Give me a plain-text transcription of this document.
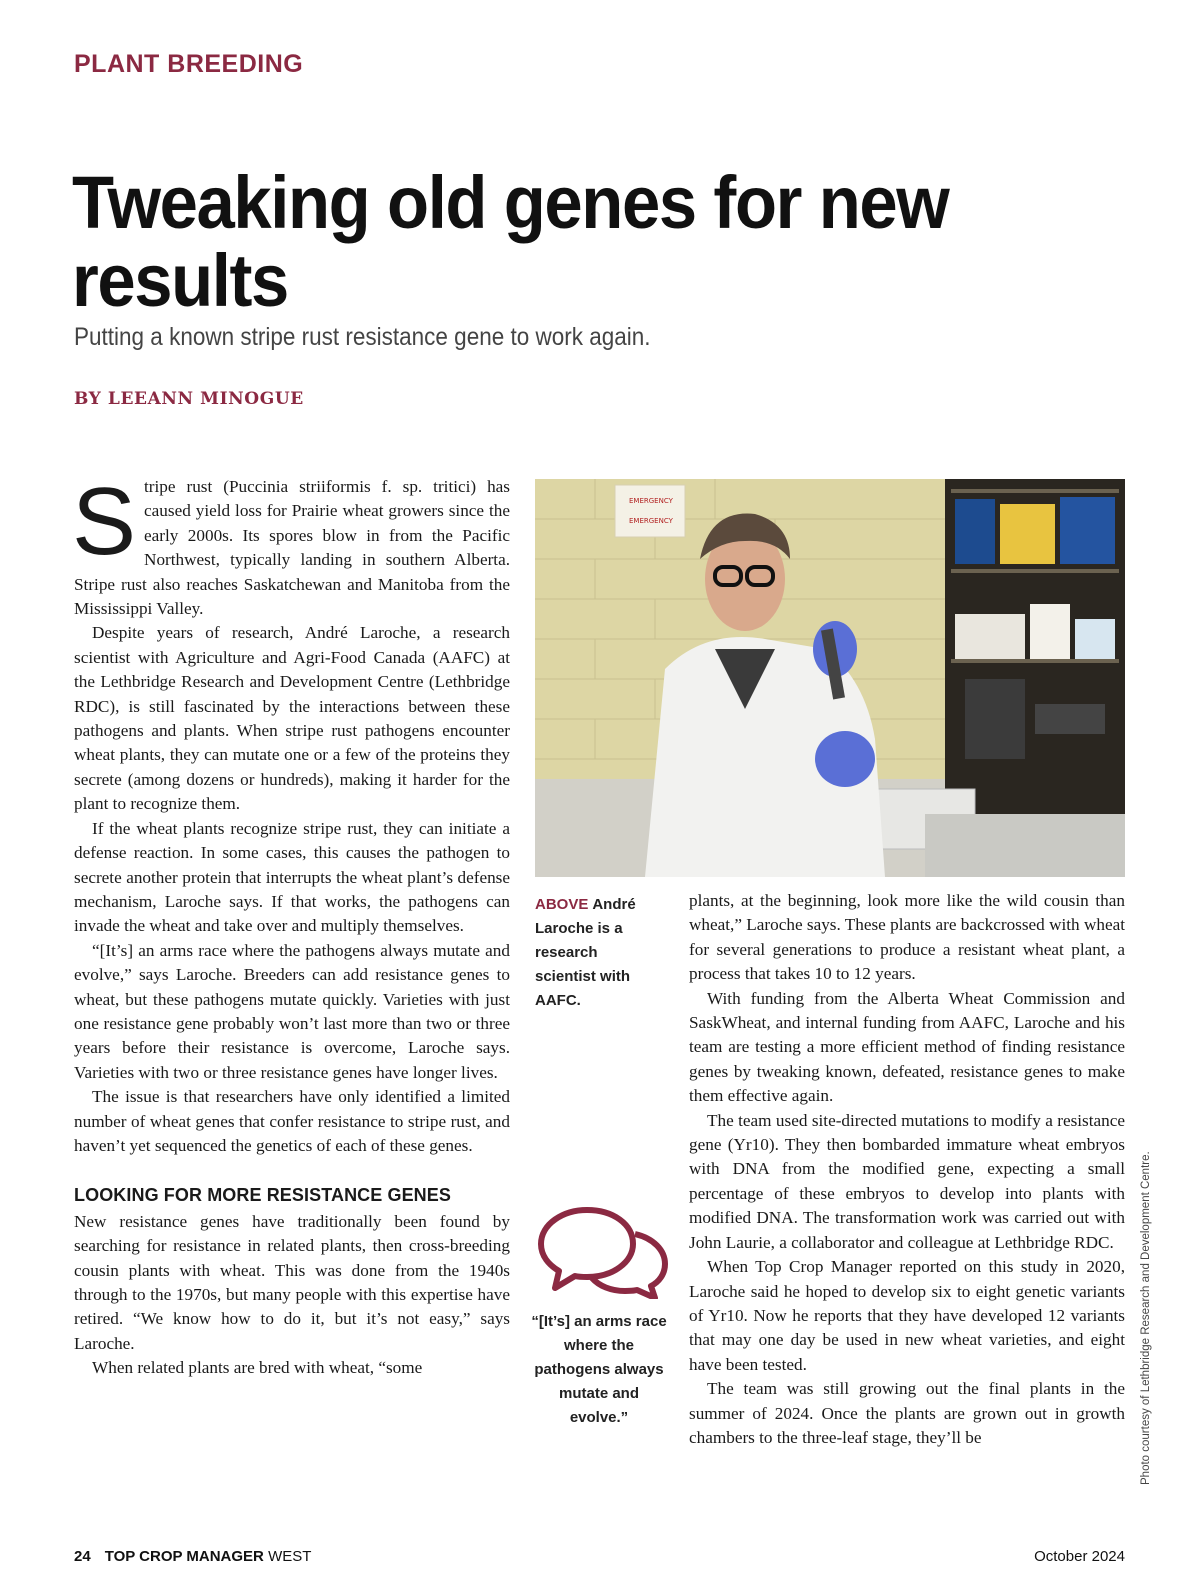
PLANT BREEDING
Tweaking old genes for new results
Putting a known stripe rust resistance gene to work again.
BY LEEANN MINOGUE

Stripe rust (Puccinia striiformis f. sp. tritici) has caused yield loss for Prairie wheat growers since the early 2000s. Its spores blow in from the Pacific Northwest, typically landing in southern Alberta. Stripe rust also reaches Saskatchewan and Manitoba from the Mississippi Valley.

Despite years of research, André Laroche, a research scientist with Agriculture and Agri-Food Canada (AAFC) at the Lethbridge Research and Development Centre (Lethbridge RDC), is still fascinated by the interactions between these pathogens and plants. When stripe rust pathogens encounter wheat plants, they can mutate one or a few of the proteins they secrete (among dozens or hundreds), making it harder for the plant to recognize them.

If the wheat plants recognize stripe rust, they can initiate a defense reaction. In some cases, this causes the pathogen to secrete another protein that interrupts the wheat plant’s defense mechanism, Laroche says. If that works, the pathogens can invade the wheat and take over and multiply themselves.

“[It’s] an arms race where the pathogens always mutate and evolve,” says Laroche. Breeders can add resistance genes to wheat, but these pathogens mutate quickly. Varieties with just one resistance gene probably won’t last more than two or three years before their resistance is overcome, Laroche says. Varieties with two or three resistance genes have longer lives.

The issue is that researchers have only identified a limited number of wheat genes that confer resistance to stripe rust, and haven’t yet sequenced the genetics of each of these genes.

LOOKING FOR MORE RESISTANCE GENES

New resistance genes have traditionally been found by searching for resistance in related plants, then cross-breeding cousin plants with wheat. This was done from the 1940s through to the 1970s, but many people with this expertise have retired. “We know how to do it, but it’s not easy,” says Laroche.

When related plants are bred with wheat, “some

EMERGENCY
EMERGENCY
ABOVE André Laroche is a research scientist with AAFC.

plants, at the beginning, look more like the wild cousin than wheat,” Laroche says. These plants are backcrossed with wheat for several generations to produce a resistant wheat plant, a process that takes 10 to 12 years.

With funding from the Alberta Wheat Commission and SaskWheat, and internal funding from AAFC, Laroche and his team are testing a more efficient method of finding resistance genes by tweaking known, defeated, resistance genes to make them effective again.

The team used site-directed mutations to modify a resistance gene (Yr10). They then bombarded immature wheat embryos with DNA from the modified gene, expecting a small percentage of these embryos to develop into plants with modified DNA. The transformation work was carried out with John Laurie, a collaborator and colleague at Lethbridge RDC.

When Top Crop Manager reported on this study in 2020, Laroche said he hoped to develop six to eight genetic variants of Yr10. Now he reports that they have developed 12 variants that may one day be used in new wheat varieties, and eight have been tested.

The team was still growing out the final plants in the summer of 2024. Once the plants are grown out in growth chambers to the three-leaf stage, they’ll be

“[It’s] an arms race where the pathogens always mutate and evolve.”	Photo courtesy of Lethbridge Research and Development Centre.
24 TOP CROP MANAGER WEST	October 2024
